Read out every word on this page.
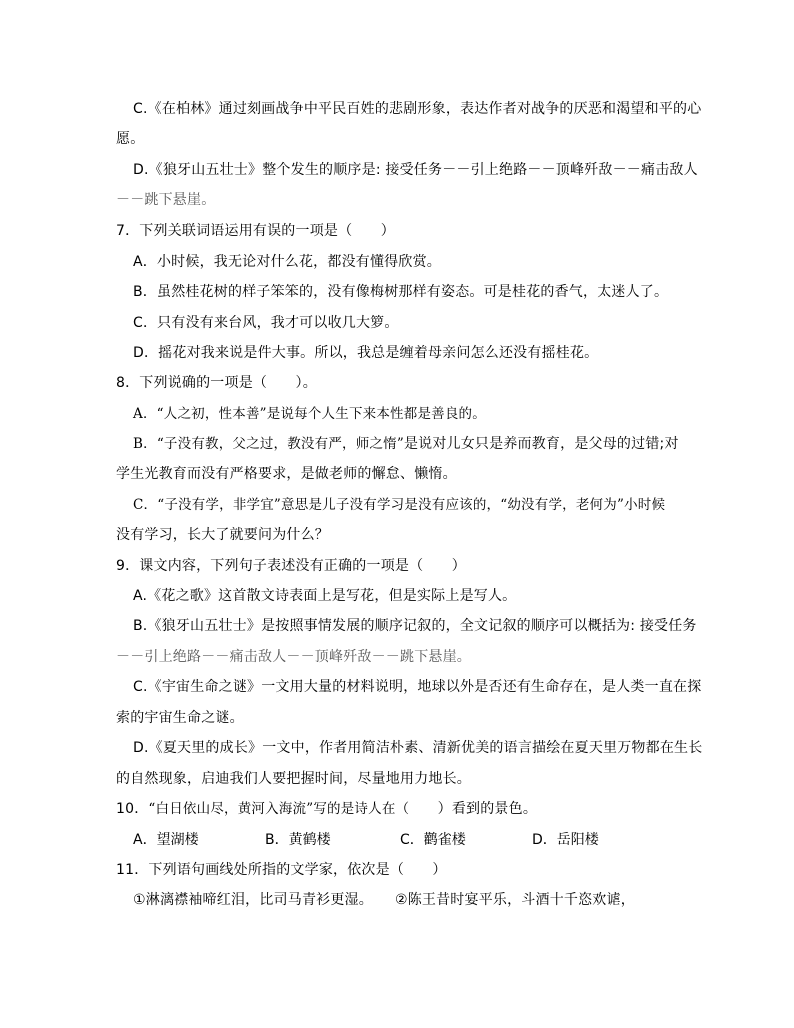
C.《在柏林》通过刻画战争中平民百姓的悲剧形象，表达作者对战争的厌恶和渴望和平的心
愿。
D.《狼牙山五壮士》整个发生的顺序是: 接受任务－－引上绝路－－顶峰歼敌－－痛击敌人
－－跳下悬崖。
7．下列关联词语运用有误的一项是（　　）
A．小时候，我无论对什么花，都没有懂得欣赏。
B．虽然桂花树的样子笨笨的，没有像梅树那样有姿态。可是桂花的香气，太迷人了。
C．只有没有来台风，我才可以收几大箩。
D．摇花对我来说是件大事。所以，我总是缠着母亲问怎么还没有摇桂花。
8．下列说确的一项是（　　）。
A．“人之初，性本善”是说每个人生下来本性都是善良的。
B．“子没有教，父之过，教没有严，师之惰”是说对儿女只是养而教育，是父母的过错;对
学生光教育而没有严格要求，是做老师的懈怠、懒惰。
C．“子没有学，非学宜”意思是儿子没有学习是没有应该的，“幼没有学，老何为”小时候
没有学习，长大了就要问为什么？
9．课文内容，下列句子表述没有正确的一项是（　　）
A.《花之歌》这首散文诗表面上是写花，但是实际上是写人。
B.《狼牙山五壮士》是按照事情发展的顺序记叙的，全文记叙的顺序可以概括为: 接受任务
－－引上绝路－－痛击敌人－－顶峰歼敌－－跳下悬崖。
C.《宇宙生命之谜》一文用大量的材料说明，地球以外是否还有生命存在，是人类一直在探
索的宇宙生命之谜。
D.《夏天里的成长》一文中，作者用简洁朴素、清新优美的语言描绘在夏天里万物都在生长
的自然现象，启迪我们人要把握时间，尽量地用力地长。
10．“白日依山尽，黄河入海流”写的是诗人在（　　）看到的景色。
A．望湖楼	B．黄鹤楼	C．鹳雀楼	D．岳阳楼
11．下列语句画线处所指的文学家，依次是（　　）
①淋漓襟袖啼红泪，比司马青衫更湿。 ②陈王昔时宴平乐，斗酒十千恣欢谑，
